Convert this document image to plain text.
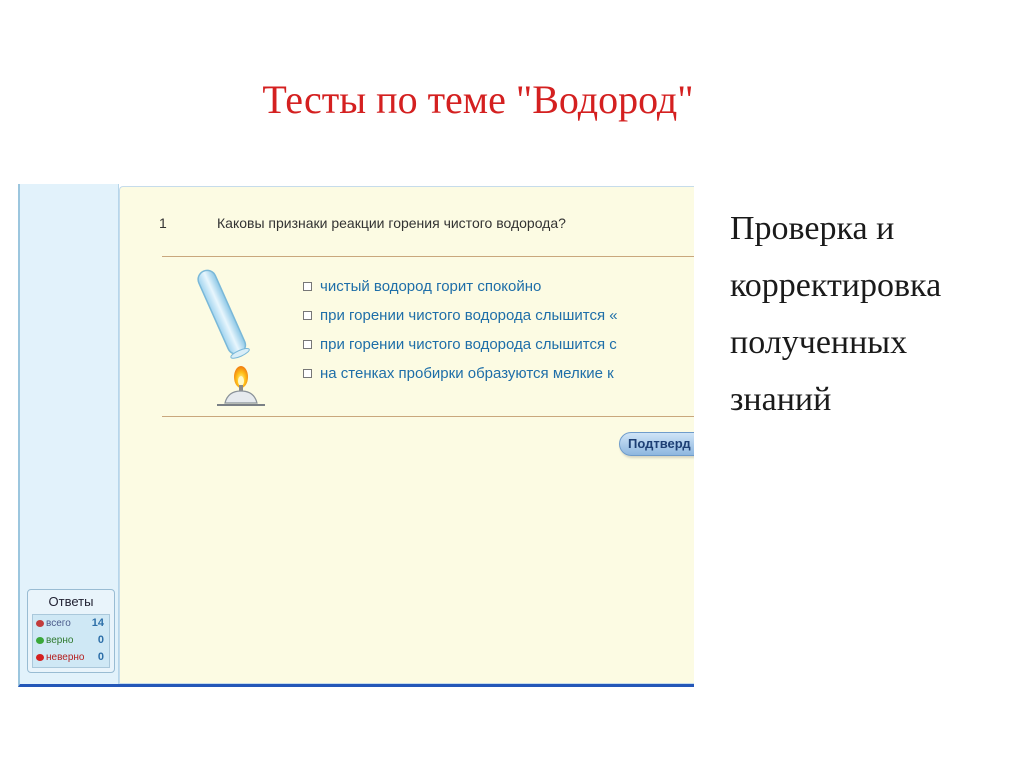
Тесты по теме "Водород"
Проверка и
корректировка
полученных
знаний
Ответы
всего 14
верно 0
неверно 0
1	Каковы признаки реакции горения чистого водорода?
чистый водород горит спокойно
при горении чистого водорода слышится «
при горении чистого водорода слышится с
на стенках пробирки образуются мелкие к
Подтверд
